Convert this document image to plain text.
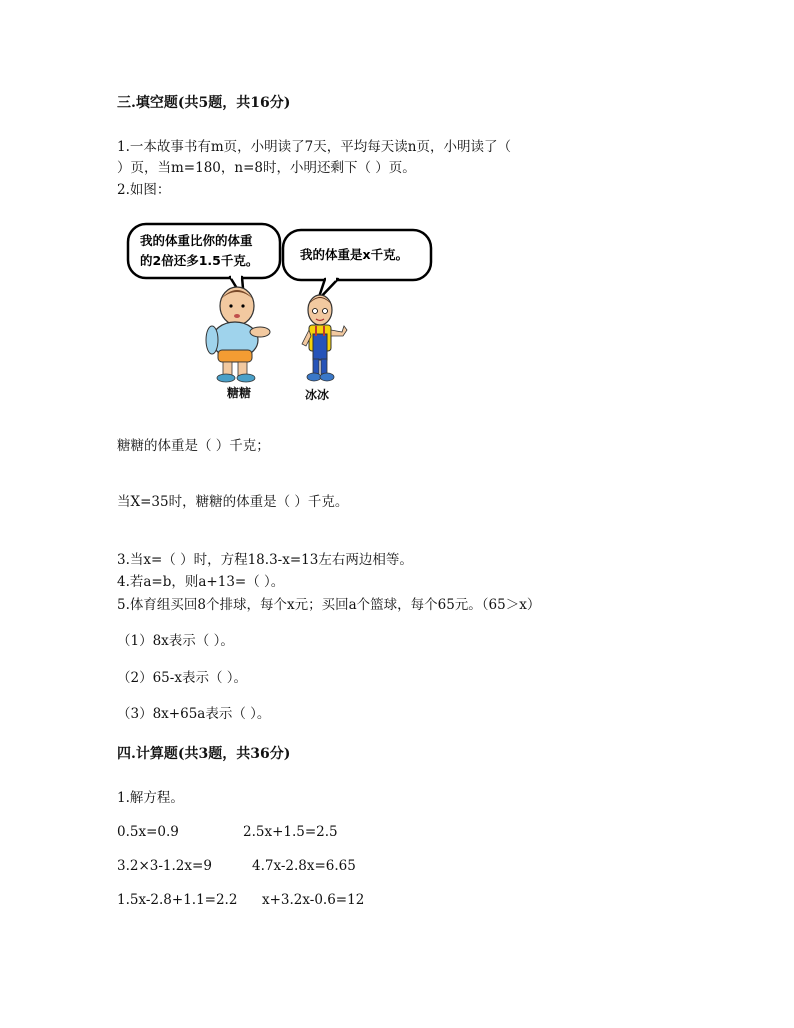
三.填空题(共5题，共16分)
1.一本故事书有m页，小明读了7天，平均每天读n页，小明读了（
）页，当m=180，n=8时，小明还剩下（ ）页。
2.如图：
我的体重比你的体重
的2倍还多1.5千克。	我的体重是x千克。
糖糖	冰冰
糖糖的体重是（ ）千克；
当X=35时，糖糖的体重是（ ）千克。
3.当x=（ ）时，方程18.3-x=13左右两边相等。
4.若a=b，则a+13=（ ）。
5.体育组买回8个排球，每个x元；买回a个篮球，每个65元。（65＞x）
（1）8x表示（ ）。
（2）65-x表示（ ）。
（3）8x+65a表示（ ）。
四.计算题(共3题，共36分)
1.解方程。
0.5x=0.9	2.5x+1.5=2.5
3.2×3-1.2x=9	4.7x-2.8x=6.65
1.5x-2.8+1.1=2.2 x+3.2x-0.6=12
